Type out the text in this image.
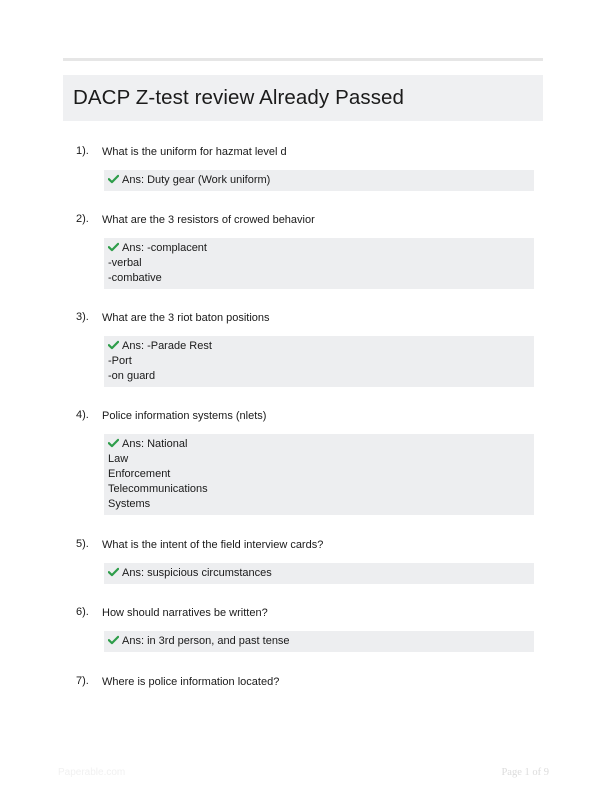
DACP Z-test review Already Passed
1). What is the uniform for hazmat level d
Ans: Duty gear (Work uniform)
2). What are the 3 resistors of crowed behavior
Ans: -complacent
-verbal
-combative
3). What are the 3 riot baton positions
Ans: -Parade Rest
-Port
-on guard
4). Police information systems (nlets)
Ans: National
Law
Enforcement
Telecommunications
Systems
5). What is the intent of the field interview cards?
Ans: suspicious circumstances
6). How should narratives be written?
Ans: in 3rd person, and past tense
7). Where is police information located?
Paperable.com	Page 1 of 9
